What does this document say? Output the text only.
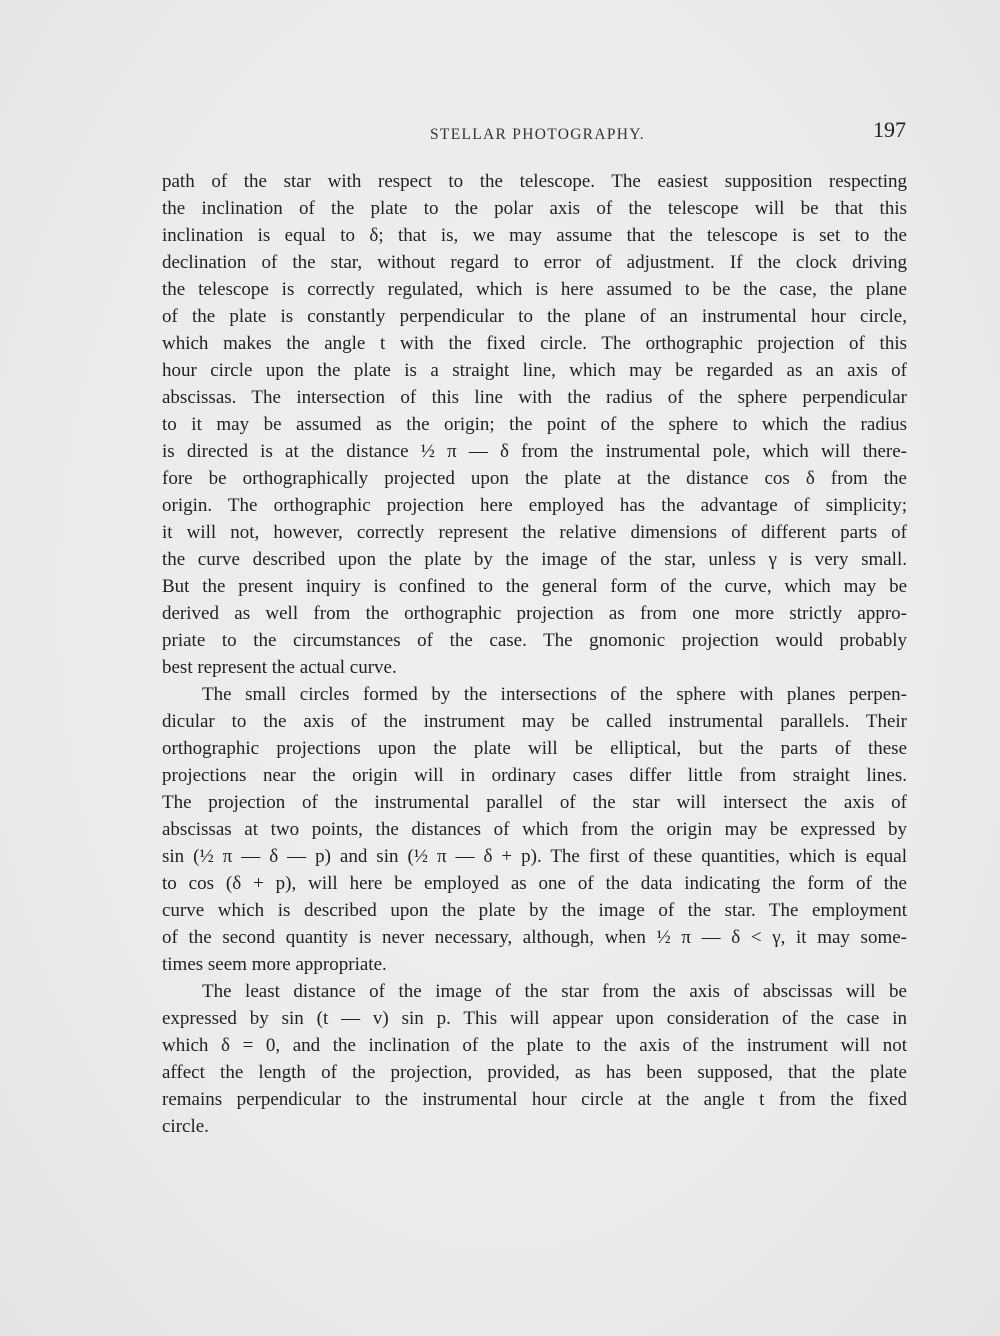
STELLAR PHOTOGRAPHY.	197
path of the star with respect to the telescope. The easiest supposition respecting
the inclination of the plate to the polar axis of the telescope will be that this
inclination is equal to δ; that is, we may assume that the telescope is set to the
declination of the star, without regard to error of adjustment. If the clock driving
the telescope is correctly regulated, which is here assumed to be the case, the plane
of the plate is constantly perpendicular to the plane of an instrumental hour circle,
which makes the angle t with the fixed circle. The orthographic projection of this
hour circle upon the plate is a straight line, which may be regarded as an axis of
abscissas. The intersection of this line with the radius of the sphere perpendicular
to it may be assumed as the origin; the point of the sphere to which the radius
is directed is at the distance ½ π — δ from the instrumental pole, which will there-
fore be orthographically projected upon the plate at the distance cos δ from the
origin. The orthographic projection here employed has the advantage of simplicity;
it will not, however, correctly represent the relative dimensions of different parts of
the curve described upon the plate by the image of the star, unless γ is very small.
But the present inquiry is confined to the general form of the curve, which may be
derived as well from the orthographic projection as from one more strictly appro-
priate to the circumstances of the case. The gnomonic projection would probably
best represent the actual curve.
The small circles formed by the intersections of the sphere with planes perpen-
dicular to the axis of the instrument may be called instrumental parallels. Their
orthographic projections upon the plate will be elliptical, but the parts of these
projections near the origin will in ordinary cases differ little from straight lines.
The projection of the instrumental parallel of the star will intersect the axis of
abscissas at two points, the distances of which from the origin may be expressed by
sin (½ π — δ — p) and sin (½ π — δ + p). The first of these quantities, which is equal
to cos (δ + p), will here be employed as one of the data indicating the form of the
curve which is described upon the plate by the image of the star. The employment
of the second quantity is never necessary, although, when ½ π — δ < γ, it may some-
times seem more appropriate.
The least distance of the image of the star from the axis of abscissas will be
expressed by sin (t — v) sin p. This will appear upon consideration of the case in
which δ = 0, and the inclination of the plate to the axis of the instrument will not
affect the length of the projection, provided, as has been supposed, that the plate
remains perpendicular to the instrumental hour circle at the angle t from the fixed
circle.
